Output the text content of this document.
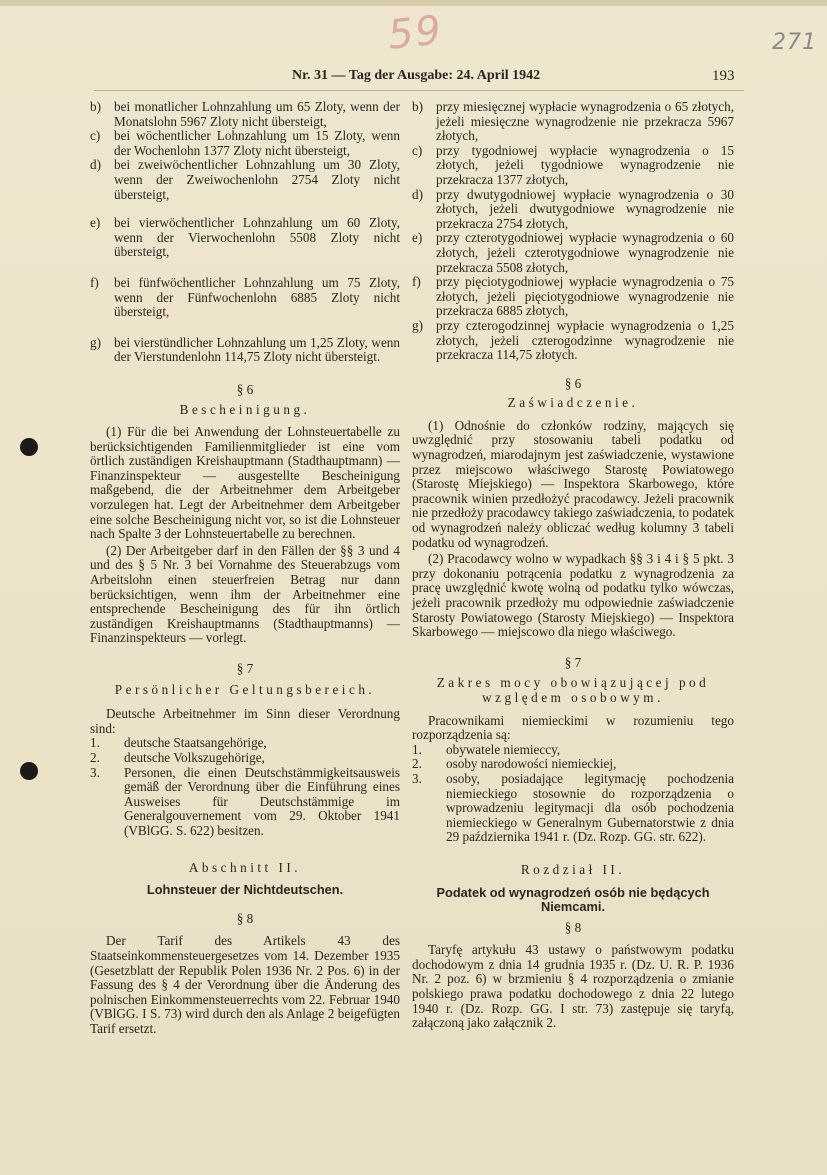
59	271
Nr. 31 — Tag der Ausgabe: 24. April 1942	193

b) bei monatlicher Lohnzahlung um 65 Zloty, wenn der Monatslohn 5967 Zloty nicht übersteigt,

c) bei wöchentlicher Lohnzahlung um 15 Zloty, wenn der Wochenlohn 1377 Zloty nicht übersteigt,

d) bei zweiwöchentlicher Lohnzahlung um 30 Zloty, wenn der Zweiwochenlohn 2754 Zloty nicht übersteigt,

e) bei vierwöchentlicher Lohnzahlung um 60 Zloty, wenn der Vierwochenlohn 5508 Zloty nicht übersteigt,

f) bei fünfwöchentlicher Lohnzahlung um 75 Zloty, wenn der Fünfwochenlohn 6885 Zloty nicht übersteigt,

g) bei vierstündlicher Lohnzahlung um 1,25 Zloty, wenn der Vierstundenlohn 114,75 Zloty nicht übersteigt.

§ 6

Bescheinigung.

(1) Für die bei Anwendung der Lohnsteuertabelle zu berücksichtigenden Familienmitglieder ist eine vom örtlich zuständigen Kreishauptmann (Stadthauptmann) — Finanzinspekteur — ausgestellte Bescheinigung maßgebend, die der Arbeitnehmer dem Arbeitgeber vorzulegen hat. Legt der Arbeitnehmer dem Arbeitgeber eine solche Bescheinigung nicht vor, so ist die Lohnsteuer nach Spalte 3 der Lohnsteuertabelle zu berechnen.

(2) Der Arbeitgeber darf in den Fällen der §§ 3 und 4 und des § 5 Nr. 3 bei Vornahme des Steuerabzugs vom Arbeitslohn einen steuerfreien Betrag nur dann berücksichtigen, wenn ihm der Arbeitnehmer eine entsprechende Bescheinigung des für ihn örtlich zuständigen Kreishauptmanns (Stadthauptmanns) — Finanzinspekteurs — vorlegt.

§ 7

Persönlicher Geltungsbereich.

Deutsche Arbeitnehmer im Sinn dieser Verordnung sind:

1. deutsche Staatsangehörige,

2. deutsche Volkszugehörige,

3. Personen, die einen Deutschstämmigkeitsausweis gemäß der Verordnung über die Einführung eines Ausweises für Deutschstämmige im Generalgouvernement vom 29. Oktober 1941 (VBlGG. S. 622) besitzen.

Abschnitt II.

Lohnsteuer der Nichtdeutschen.

§ 8

Der Tarif des Artikels 43 des Staatseinkommensteuergesetzes vom 14. Dezember 1935 (Gesetzblatt der Republik Polen 1936 Nr. 2 Pos. 6) in der Fassung des § 4 der Verordnung über die Änderung des polnischen Einkommensteuerrechts vom 22. Februar 1940 (VBlGG. I S. 73) wird durch den als Anlage 2 beigefügten Tarif ersetzt.

b) przy miesięcznej wypłacie wynagrodzenia o 65 złotych, jeżeli miesięczne wynagrodzenie nie przekracza 5967 złotych,

c) przy tygodniowej wypłacie wynagrodzenia o 15 złotych, jeżeli tygodniowe wynagrodzenie nie przekracza 1377 złotych,

d) przy dwutygodniowej wypłacie wynagrodzenia o 30 złotych, jeżeli dwutygodniowe wynagrodzenie nie przekracza 2754 złotych,

e) przy czterotygodniowej wypłacie wynagrodzenia o 60 złotych, jeżeli czterotygodniowe wynagrodzenie nie przekracza 5508 złotych,

f) przy pięciotygodniowej wypłacie wynagrodzenia o 75 złotych, jeżeli pięciotygodniowe wynagrodzenie nie przekracza 6885 złotych,

g) przy czterogodzinnej wypłacie wynagrodzenia o 1,25 złotych, jeżeli czterogodzinne wynagrodzenie nie przekracza 114,75 złotych.

§ 6

Zaświadczenie.

(1) Odnośnie do członków rodziny, mających się uwzględnić przy stosowaniu tabeli podatku od wynagrodzeń, miarodajnym jest zaświadczenie, wystawione przez miejscowo właściwego Starostę Powiatowego (Starostę Miejskiego) — Inspektora Skarbowego, które pracownik winien przedłożyć pracodawcy. Jeżeli pracownik nie przedłoży pracodawcy takiego zaświadczenia, to podatek od wynagrodzeń należy obliczać według kolumny 3 tabeli podatku od wynagrodzeń.

(2) Pracodawcy wolno w wypadkach §§ 3 i 4 i § 5 pkt. 3 przy dokonaniu potrącenia podatku z wynagrodzenia za pracę uwzględnić kwotę wolną od podatku tylko wówczas, jeżeli pracownik przedłoży mu odpowiednie zaświadczenie Starosty Powiatowego (Starosty Miejskiego) — Inspektora Skarbowego — miejscowo dla niego właściwego.

§ 7

Zakres mocy obowiązującej pod względem osobowym.

Pracownikami niemieckimi w rozumieniu tego rozporządzenia są:

1. obywatele niemieccy,

2. osoby narodowości niemieckiej,

3. osoby, posiadające legitymację pochodzenia niemieckiego stosownie do rozporządzenia o wprowadzeniu legitymacji dla osób pochodzenia niemieckiego w Generalnym Gubernatorstwie z dnia 29 października 1941 r. (Dz. Rozp. GG. str. 622).

Rozdział II.

Podatek od wynagrodzeń osób nie będących Niemcami.

§ 8

Taryfę artykułu 43 ustawy o państwowym podatku dochodowym z dnia 14 grudnia 1935 r. (Dz. U. R. P. 1936 Nr. 2 poz. 6) w brzmieniu § 4 rozporządzenia o zmianie polskiego prawa podatku dochodowego z dnia 22 lutego 1940 r. (Dz. Rozp. GG. I str. 73) zastępuje się taryfą, załączoną jako załącznik 2.
